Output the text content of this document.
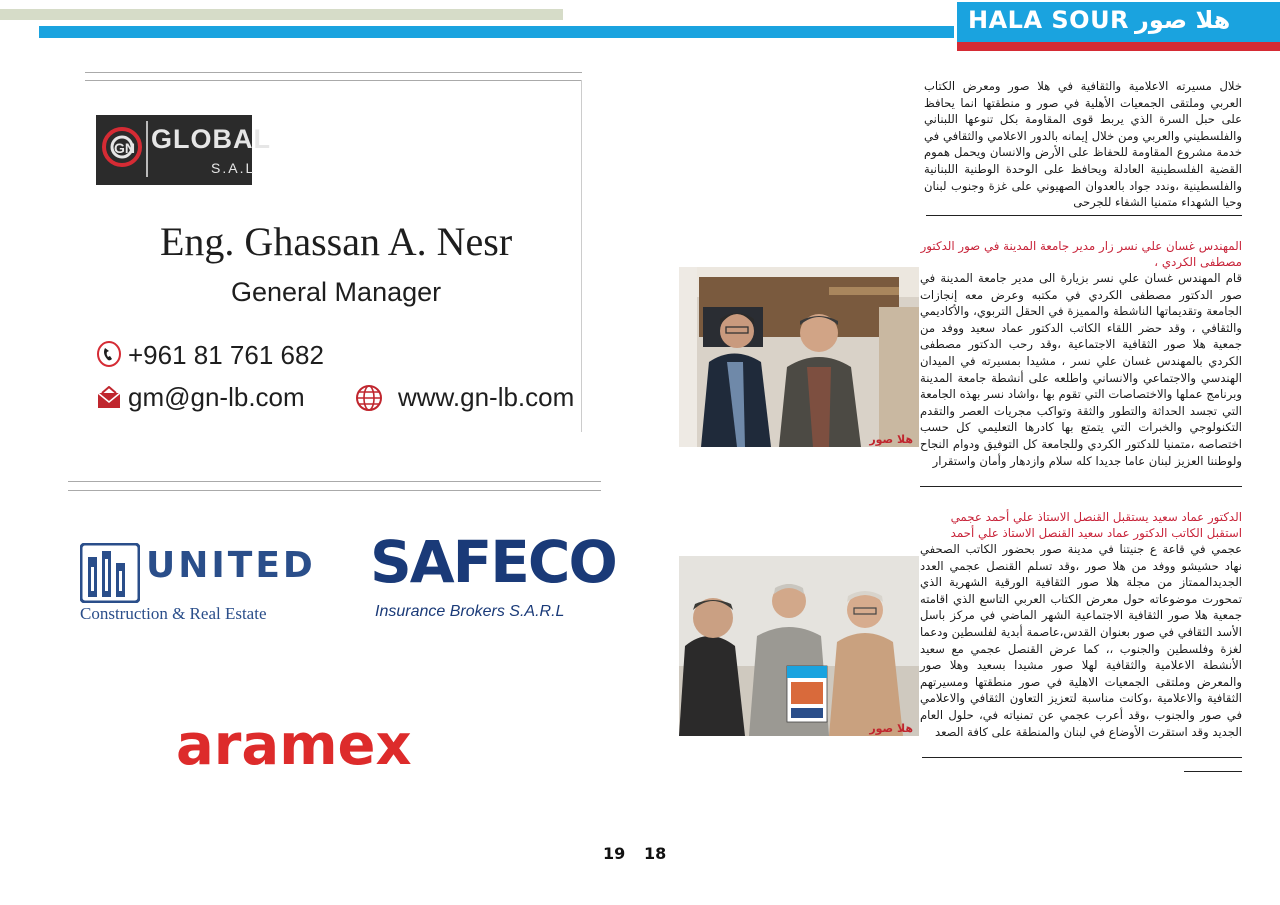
HALA SOUR هلا صور
GN GLOBAL
S.A.L
Eng. Ghassan A. Nesr
General Manager
+961 81 761 682
gm@gn-lb.com	www.gn-lb.com
UNITED
Construction & Real Estate
SAFECO
Insurance Brokers S.A.R.L
aramex
19 18
خلال مسيرته الاعلامية والثقافية في هلا صور ومعرض الكتاب العربي وملتقى الجمعيات الأهلية في صور و منطقتها انما يحافظ على حبل السرة الذي يربط قوى المقاومة بكل تنوعها اللبناني والفلسطيني والعربي ومن خلال إيمانه بالدور الاعلامي والثقافي في خدمة مشروع المقاومة للحفاظ على الأرض والانسان ويحمل هموم القضية الفلسطينية العادلة ويحافظ على الوحدة الوطنية اللبنانية والفلسطينية ،وندد جواد بالعدوان الصهيوني على غزة وجنوب لبنان وحيا الشهداء متمنيا الشفاء للجرحى
المهندس غسان علي نسر زار مدير جامعة المدينة في صور الدكتور مصطفى الكردي ،
قام المهندس غسان علي نسر بزيارة الى مدير جامعة المدينة في صور الدكتور مصطفى الكردي في مكتبه وعرض معه إنجازات الجامعة وتقديماتها الناشطة والمميزة في الحقل التربوي، والأكاديمي والثقافي ، وقد حضر اللقاء الكاتب الدكتور عماد سعيد ووفد من جمعية هلا صور الثقافية الاجتماعية ،وقد رحب الدكتور مصطفى الكردي بالمهندس غسان علي نسر ، مشيدا بمسيرته في الميدان الهندسي والاجتماعي والانساني واطلعه على أنشطة جامعة المدينة وبرنامج عملها والاختصاصات التي تقوم بها ،واشاد نسر بهذه الجامعة التي تجسد الحداثة والتطور والثقة وتواكب مجريات العصر والتقدم التكنولوجي والخبرات التي يتمتع بها كادرها التعليمي كل حسب اختصاصه ،متمنيا للدكتور الكردي وللجامعة كل التوفيق ودوام النجاح ولوطننا العزيز لبنان عاما جديدا كله سلام وازدهار وأمان واستقرار
الدكتور عماد سعيد يستقبل القنصل الاستاذ علي أحمد عجمي استقبل الكاتب الدكتور عماد سعيد القنصل الاستاذ علي أحمد
عجمي في قاعة ع جنيتنا في مدينة صور بحضور الكاتب الصحفي نهاد حشيشو ووفد من هلا صور ،وقد تسلم القنصل عجمي العدد الجديدالممتاز من مجلة هلا صور الثقافية الورقية الشهرية الذي تمحورت موضوعاته حول معرض الكتاب العربي التاسع الذي اقامته جمعية هلا صور الثقافية الاجتماعية الشهر الماضي في مركز باسل الأسد الثقافي في صور بعنوان القدس،عاصمة أبدية لفلسطين ودعما لغزة وفلسطين والجنوب ،، كما عرض القنصل عجمي مع سعيد الأنشطة الاعلامية والثقافية لهلا صور مشيدا بسعيد وهلا صور والمعرض وملتقى الجمعيات الاهلية في صور منطقتها ومسيرتهم الثقافية والاعلامية ،وكانت مناسبة لتعزيز التعاون الثقافي والاعلامي في صور والجنوب ،وقد أعرب عجمي عن تمنياته في، حلول العام الجديد وقد استقرت الأوضاع في لبنان والمنطقة على كافة الصعد
هلا صور
هلا صور
